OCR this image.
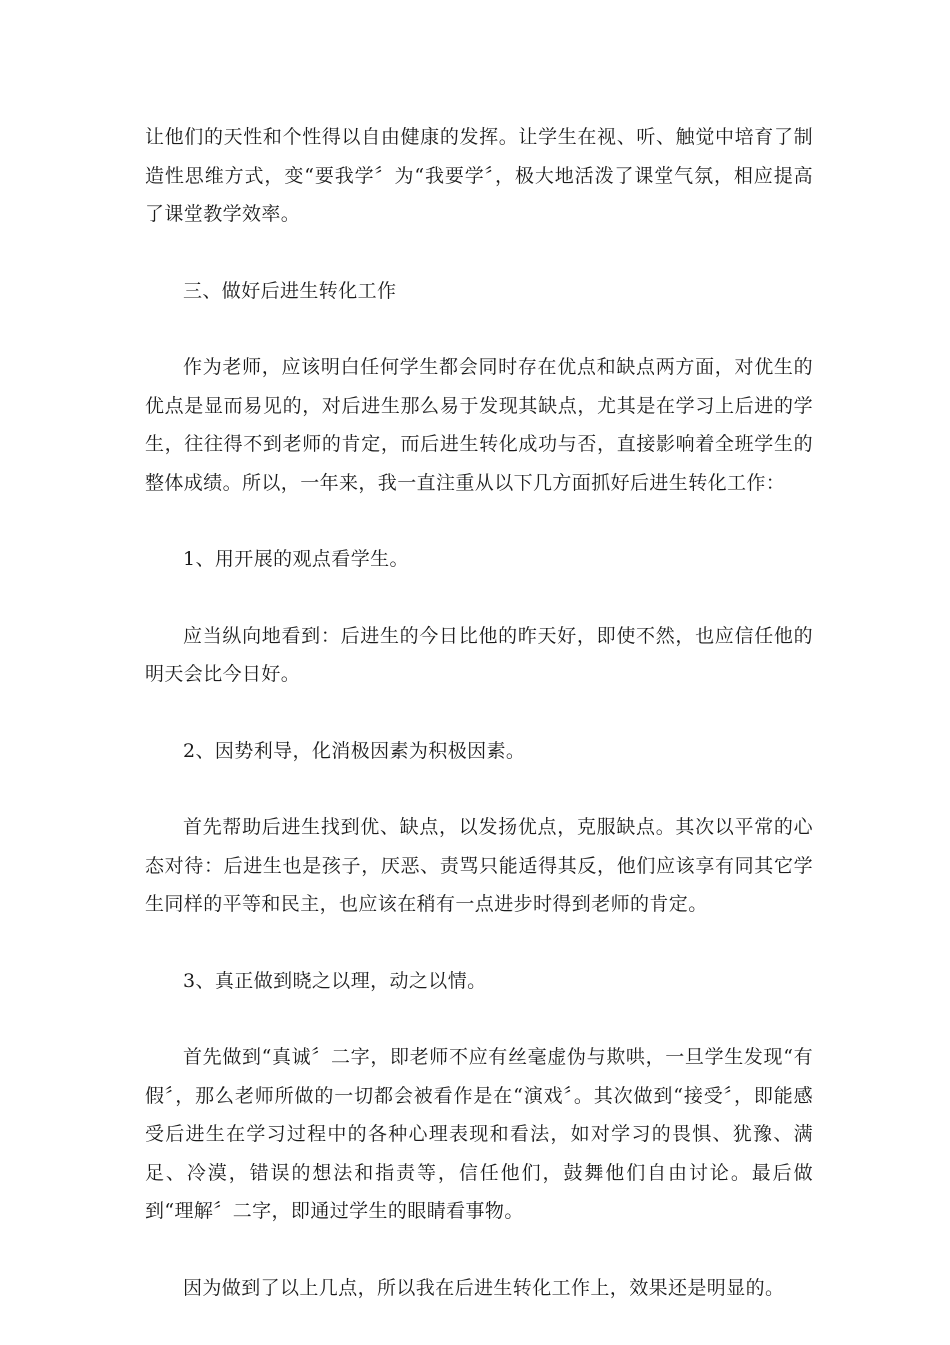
让他们的天性和个性得以自由健康的发挥。让学生在视、听、触觉中培育了制造性思维方式，变“要我学〞为“我要学〞，极大地活泼了课堂气氛，相应提高了课堂教学效率。

三、做好后进生转化工作

作为老师，应该明白任何学生都会同时存在优点和缺点两方面，对优生的优点是显而易见的，对后进生那么易于发现其缺点，尤其是在学习上后进的学生，往往得不到老师的肯定，而后进生转化成功与否，直接影响着全班学生的整体成绩。所以，一年来，我一直注重从以下几方面抓好后进生转化工作：

1、用开展的观点看学生。

应当纵向地看到：后进生的今日比他的昨天好，即使不然，也应信任他的明天会比今日好。

2、因势利导，化消极因素为积极因素。

首先帮助后进生找到优、缺点，以发扬优点，克服缺点。其次以平常的心态对待：后进生也是孩子，厌恶、责骂只能适得其反，他们应该享有同其它学生同样的平等和民主，也应该在稍有一点进步时得到老师的肯定。

3、真正做到晓之以理，动之以情。

首先做到“真诚〞二字，即老师不应有丝毫虚伪与欺哄，一旦学生发现“有假〞，那么老师所做的一切都会被看作是在“演戏〞。其次做到“接受〞，即能感受后进生在学习过程中的各种心理表现和看法，如对学习的畏惧、犹豫、满足、冷漠，错误的想法和指责等，信任他们，鼓舞他们自由讨论。最后做到“理解〞二字，即通过学生的眼睛看事物。

因为做到了以上几点，所以我在后进生转化工作上，效果还是明显的。
